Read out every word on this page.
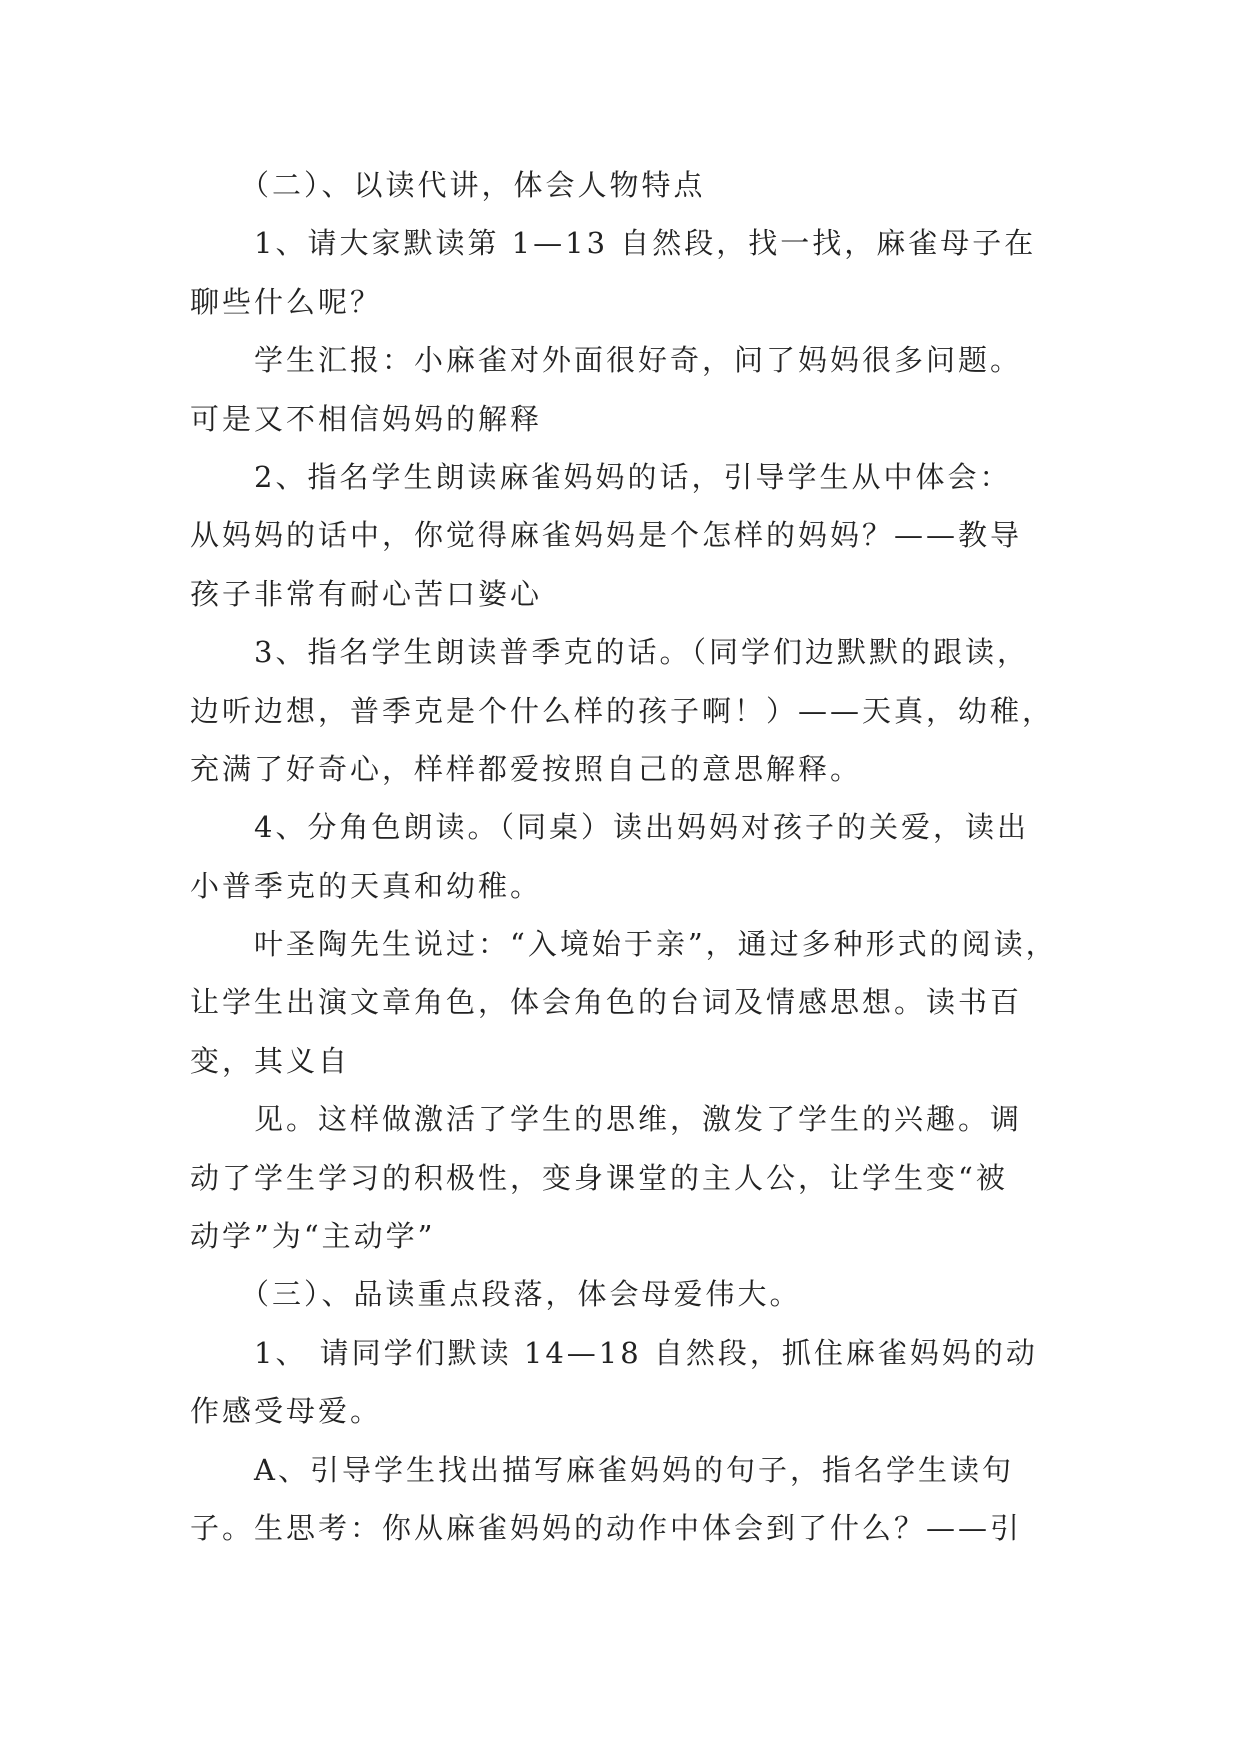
（二）、以读代讲，体会人物特点
1、请大家默读第 1—13 自然段，找一找，麻雀母子在
聊些什么呢？
学生汇报：小麻雀对外面很好奇，问了妈妈很多问题。
可是又不相信妈妈的解释
2、指名学生朗读麻雀妈妈的话，引导学生从中体会：
从妈妈的话中，你觉得麻雀妈妈是个怎样的妈妈？——教导
孩子非常有耐心苦口婆心
3、指名学生朗读普季克的话。（同学们边默默的跟读，
边听边想，普季克是个什么样的孩子啊！）——天真，幼稚，
充满了好奇心，样样都爱按照自己的意思解释。
4、分角色朗读。（同桌）读出妈妈对孩子的关爱，读出
小普季克的天真和幼稚。
叶圣陶先生说过：“入境始于亲”，通过多种形式的阅读，
让学生出演文章角色，体会角色的台词及情感思想。读书百
变，其义自
见。这样做激活了学生的思维，激发了学生的兴趣。调
动了学生学习的积极性，变身课堂的主人公，让学生变“被
动学”为“主动学”
（三）、品读重点段落，体会母爱伟大。
1、 请同学们默读 14—18 自然段，抓住麻雀妈妈的动
作感受母爱。
A、引导学生找出描写麻雀妈妈的句子，指名学生读句
子。生思考：你从麻雀妈妈的动作中体会到了什么？——引
